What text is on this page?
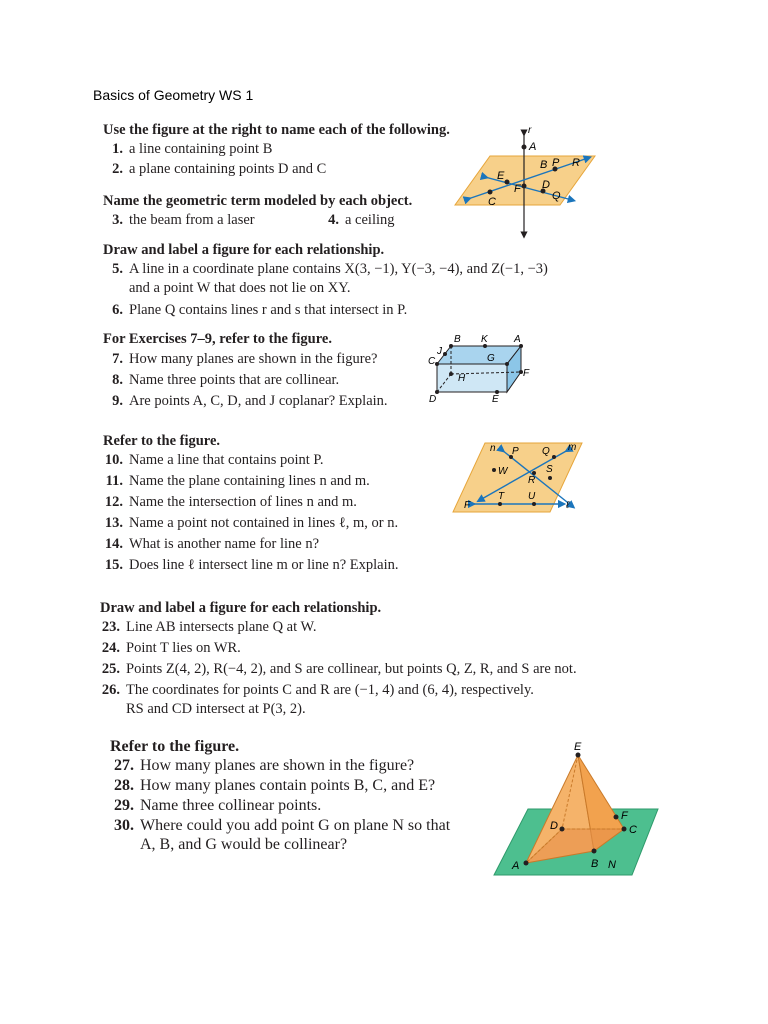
Basics of Geometry WS 1
Use the figure at the right to name each of the following.
1. a line containing point B
2. a plane containing points D and C
Name the geometric term modeled by each object.
3. the beam from a laser	4. a ceiling
Draw and label a figure for each relationship.
5. A line in a coordinate plane contains X(3, −1), Y(−3, −4), and Z(−1, −3)
and a point W that does not lie on XY.
6. Plane Q contains lines r and s that intersect in P.
For Exercises 7–9, refer to the figure.
7. How many planes are shown in the figure?
8. Name three points that are collinear.
9. Are points A, C, D, and J coplanar? Explain.
Refer to the figure.
10. Name a line that contains point P.
11. Name the plane containing lines n and m.
12. Name the intersection of lines n and m.
13. Name a point not contained in lines ℓ, m, or n.
14. What is another name for line n?
15. Does line ℓ intersect line m or line n? Explain.
Draw and label a figure for each relationship.
23. Line AB intersects plane Q at W.
24. Point T lies on WR.
25. Points Z(4, 2), R(−4, 2), and S are collinear, but points Q, Z, R, and S are not.
26. The coordinates for points C and R are (−1, 4) and (6, 4), respectively.
RS and CD intersect at P(3, 2).
Refer to the figure.
27. How many planes are shown in the figure?
28. How many planes contain points B, C, and E?
29. Name three collinear points.
30. Where could you add point G on plane N so that
A, B, and G would be collinear?
r
A
B P R
E
F D
C	Q
B K	A
C
J
G
H	F
D	E
n	m
P Q
W	S
R
T U
F	ℓ
E
D
F
C
A	B N
